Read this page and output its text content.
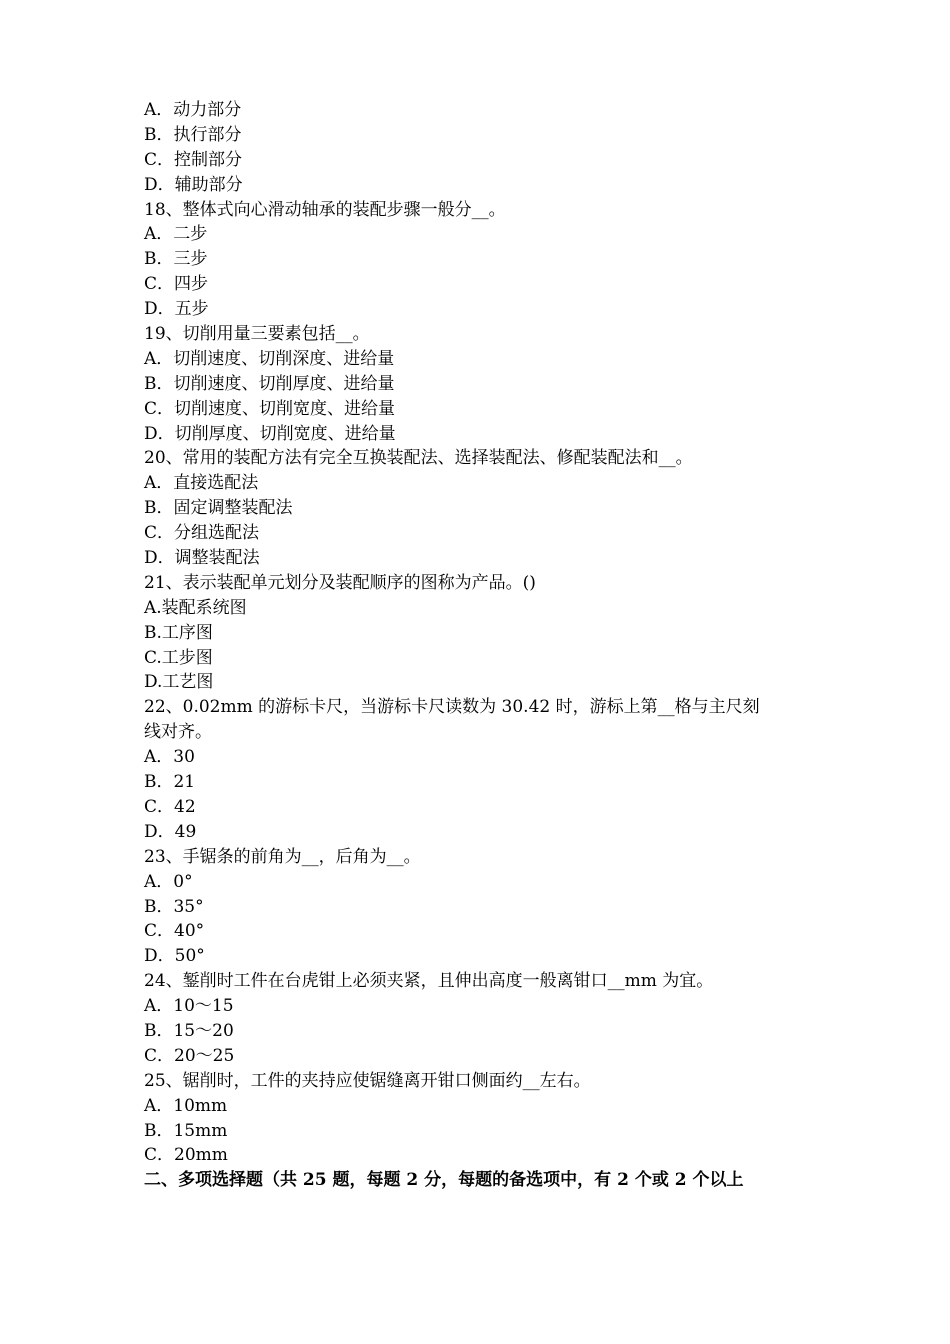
A．动力部分
B．执行部分
C．控制部分
D．辅助部分
18、整体式向心滑动轴承的装配步骤一般分__。
A．二步
B．三步
C．四步
D．五步
19、切削用量三要素包括__。
A．切削速度、切削深度、进给量
B．切削速度、切削厚度、进给量
C．切削速度、切削宽度、进给量
D．切削厚度、切削宽度、进给量
20、常用的装配方法有完全互换装配法、选择装配法、修配装配法和__。
A．直接选配法
B．固定调整装配法
C．分组选配法
D．调整装配法
21、表示装配单元划分及装配顺序的图称为产品。()
A.装配系统图
B.工序图
C.工步图
D.工艺图
22、0.02mm 的游标卡尺，当游标卡尺读数为 30.42 时，游标上第__格与主尺刻
线对齐。
A．30
B．21
C．42
D．49
23、手锯条的前角为__，后角为__。
A．0°
B．35°
C．40°
D．50°
24、錾削时工件在台虎钳上必须夹紧，且伸出高度一般离钳口__mm 为宜。
A．10～15
B．15～20
C．20～25
25、锯削时，工件的夹持应使锯缝离开钳口侧面约__左右。
A．10mm
B．15mm
C．20mm
二、多项选择题（共 25 题，每题 2 分，每题的备选项中，有 2 个或 2 个以上
